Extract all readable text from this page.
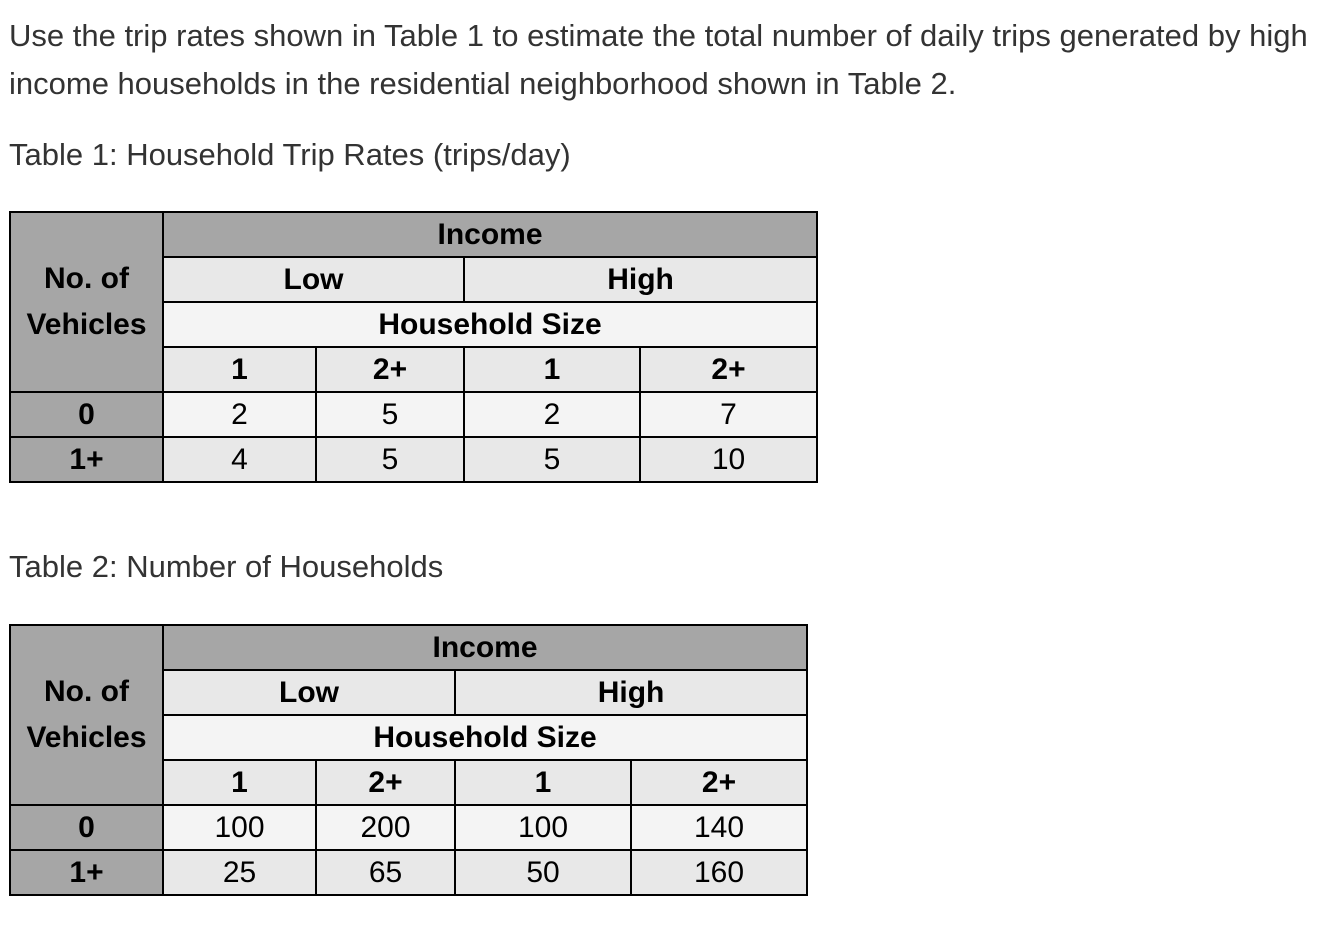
Use the trip rates shown in Table 1 to estimate the total number of daily trips generated by high income households in the residential neighborhood shown in Table 2.

Table 1: Household Trip Rates (trips/day)

No. of
Vehicles	Income			
	Low		High	
	Household Size			
	1	2+	1	2+
0	2	5	2	7
1+	4	5	5	10

Table 2: Number of Households

No. of
Vehicles	Income			
	Low		High	
	Household Size			
	1	2+	1	2+
0	100	200	100	140
1+	25	65	50	160
